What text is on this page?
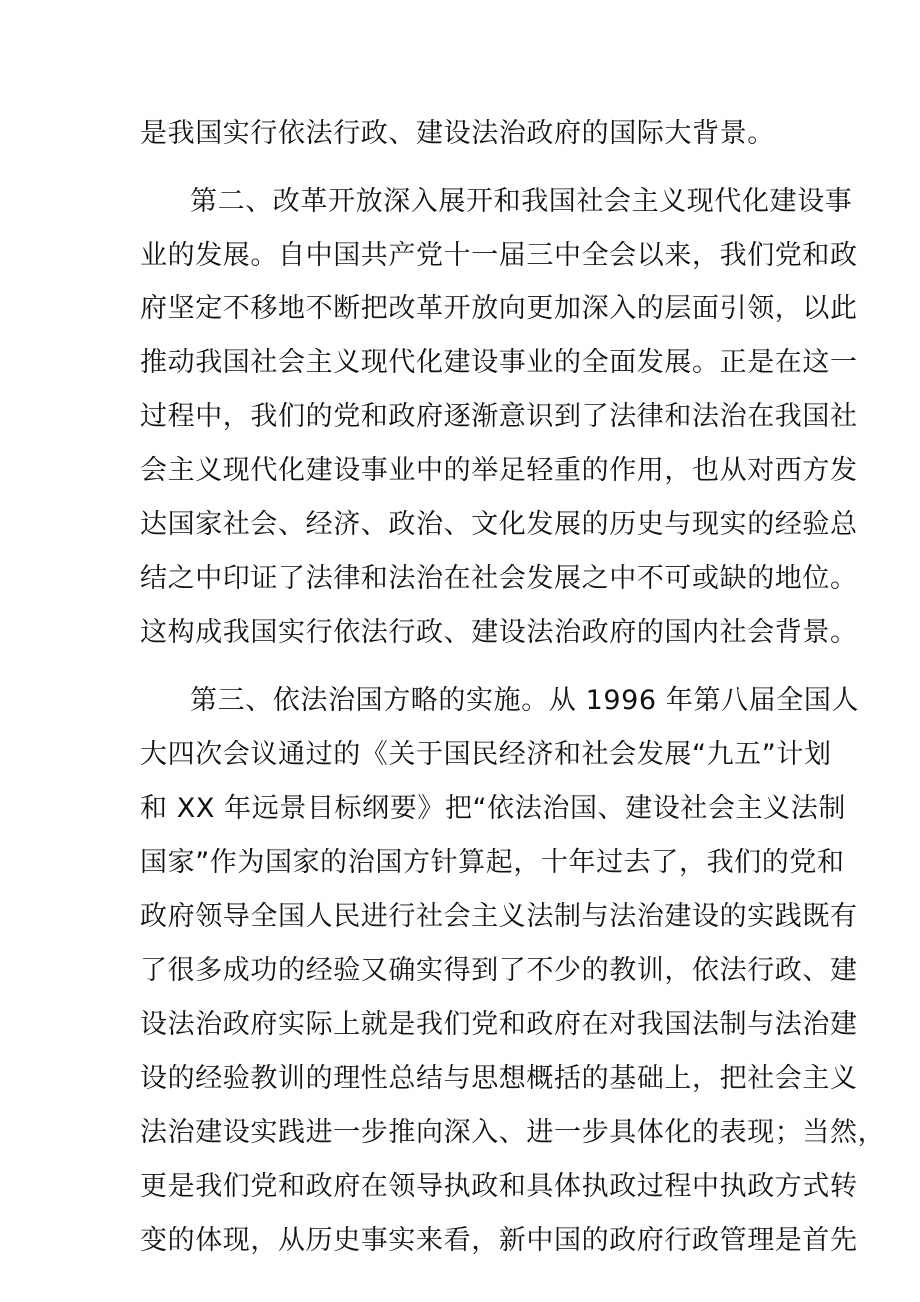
是我国实行依法行政、建设法治政府的国际大背景。
第二、改革开放深入展开和我国社会主义现代化建设事
业的发展。自中国共产党十一届三中全会以来，我们党和政
府坚定不移地不断把改革开放向更加深入的层面引领，以此
推动我国社会主义现代化建设事业的全面发展。正是在这一
过程中，我们的党和政府逐渐意识到了法律和法治在我国社
会主义现代化建设事业中的举足轻重的作用，也从对西方发
达国家社会、经济、政治、文化发展的历史与现实的经验总
结之中印证了法律和法治在社会发展之中不可或缺的地位。
这构成我国实行依法行政、建设法治政府的国内社会背景。
第三、依法治国方略的实施。从 1996 年第八届全国人
大四次会议通过的《关于国民经济和社会发展“九五”计划
和 XX 年远景目标纲要》把“依法治国、建设社会主义法制
国家”作为国家的治国方针算起，十年过去了，我们的党和
政府领导全国人民进行社会主义法制与法治建设的实践既有
了很多成功的经验又确实得到了不少的教训，依法行政、建
设法治政府实际上就是我们党和政府在对我国法制与法治建
设的经验教训的理性总结与思想概括的基础上，把社会主义
法治建设实践进一步推向深入、进一步具体化的表现；当然，
更是我们党和政府在领导执政和具体执政过程中执政方式转
变的体现，从历史事实来看，新中国的政府行政管理是首先
